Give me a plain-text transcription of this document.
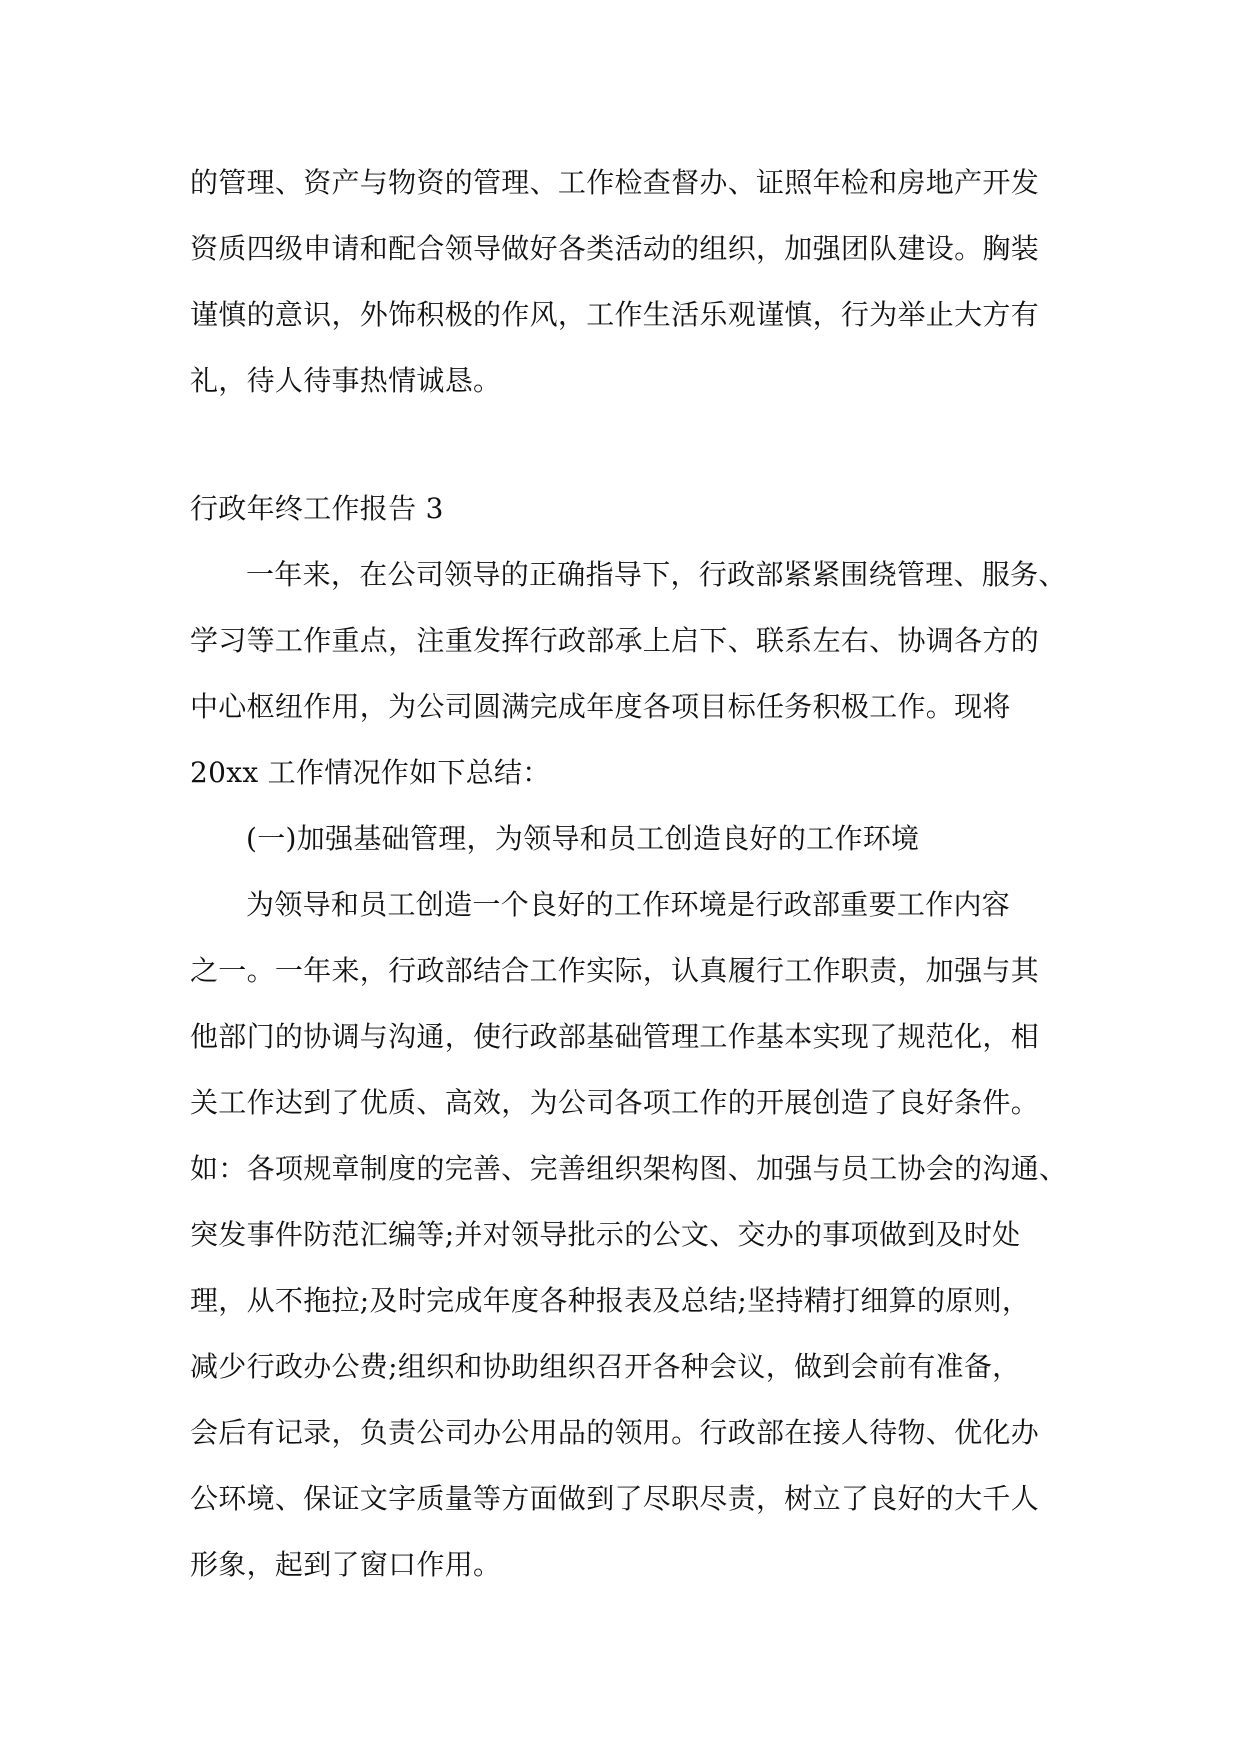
的管理、资产与物资的管理、工作检查督办、证照年检和房地产开发
资质四级申请和配合领导做好各类活动的组织，加强团队建设。胸装
谨慎的意识，外饰积极的作风，工作生活乐观谨慎，行为举止大方有
礼，待人待事热情诚恳。
行政年终工作报告 3
一年来，在公司领导的正确指导下，行政部紧紧围绕管理、服务、
学习等工作重点，注重发挥行政部承上启下、联系左右、协调各方的
中心枢纽作用，为公司圆满完成年度各项目标任务积极工作。现将
20xx 工作情况作如下总结：
(一)加强基础管理，为领导和员工创造良好的工作环境
为领导和员工创造一个良好的工作环境是行政部重要工作内容
之一。一年来，行政部结合工作实际，认真履行工作职责，加强与其
他部门的协调与沟通，使行政部基础管理工作基本实现了规范化，相
关工作达到了优质、高效，为公司各项工作的开展创造了良好条件。
如：各项规章制度的完善、完善组织架构图、加强与员工协会的沟通、
突发事件防范汇编等;并对领导批示的公文、交办的事项做到及时处
理，从不拖拉;及时完成年度各种报表及总结;坚持精打细算的原则，
减少行政办公费;组织和协助组织召开各种会议，做到会前有准备，
会后有记录，负责公司办公用品的领用。行政部在接人待物、优化办
公环境、保证文字质量等方面做到了尽职尽责，树立了良好的大千人
形象，起到了窗口作用。
